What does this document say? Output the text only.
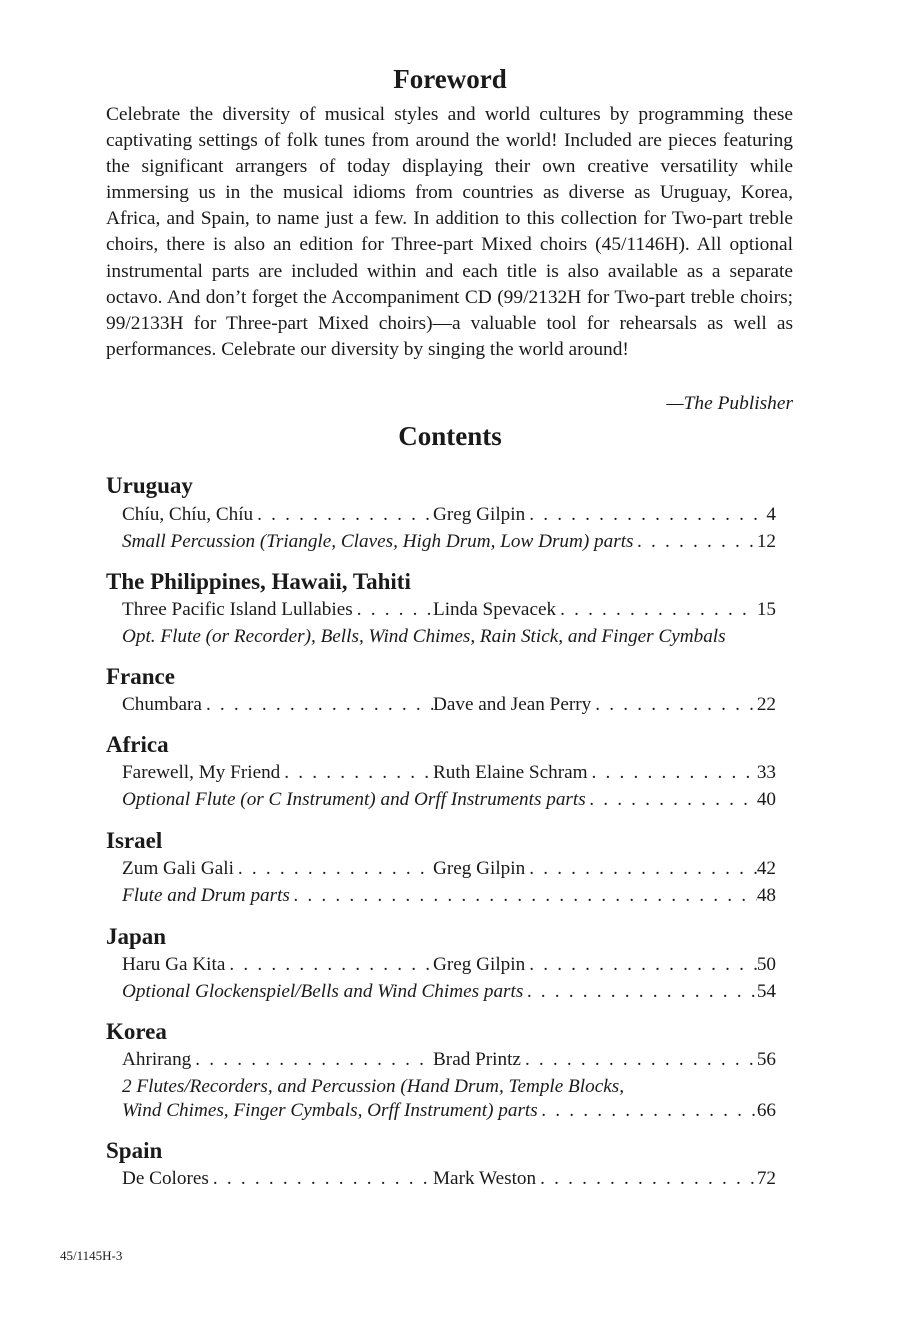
Foreword

Celebrate the diversity of musical styles and world cultures by programming these captivating settings of folk tunes from around the world! Included are pieces featuring the significant arrangers of today displaying their own creative versatility while immersing us in the musical idioms from countries as diverse as Uruguay, Korea, Africa, and Spain, to name just a few. In addition to this collection for Two-part treble choirs, there is also an edition for Three-part Mixed choirs (45/1146H). All optional instrumental parts are included within and each title is also available as a separate octavo. And don’t forget the Accompaniment CD (99/2132H for Two-part treble choirs; 99/2133H for Three-part Mixed choirs)—a valuable tool for rehearsals as well as performances. Celebrate our diversity by singing the world around!

—The Publisher
Contents
Uruguay
Chíu, Chíu, Chíu . . .	Greg Gilpin . . .	4
Small Percussion (Triangle, Claves, High Drum, Low Drum) parts . . .	12
The Philippines, Hawaii, Tahiti
Three Pacific Island Lullabies . . .	Linda Spevacek . . .	15
Opt. Flute (or Recorder), Bells, Wind Chimes, Rain Stick, and Finger Cymbals
France
Chumbara . . .	Dave and Jean Perry . . .	22
Africa
Farewell, My Friend . . .	Ruth Elaine Schram . . .	33
Optional Flute (or C Instrument) and Orff Instruments parts . . .	40
Israel
Zum Gali Gali . . .	Greg Gilpin . . .	42
Flute and Drum parts . . .	48
Japan
Haru Ga Kita . . .	Greg Gilpin . . .	50
Optional Glockenspiel/Bells and Wind Chimes parts . . .	54
Korea
Ahrirang . . .	Brad Printz . . .	56
2 Flutes/Recorders, and Percussion (Hand Drum, Temple Blocks,
Wind Chimes, Finger Cymbals, Orff Instrument) parts . . .	66
Spain
De Colores . . .	Mark Weston . . .	72
45/1145H-3
